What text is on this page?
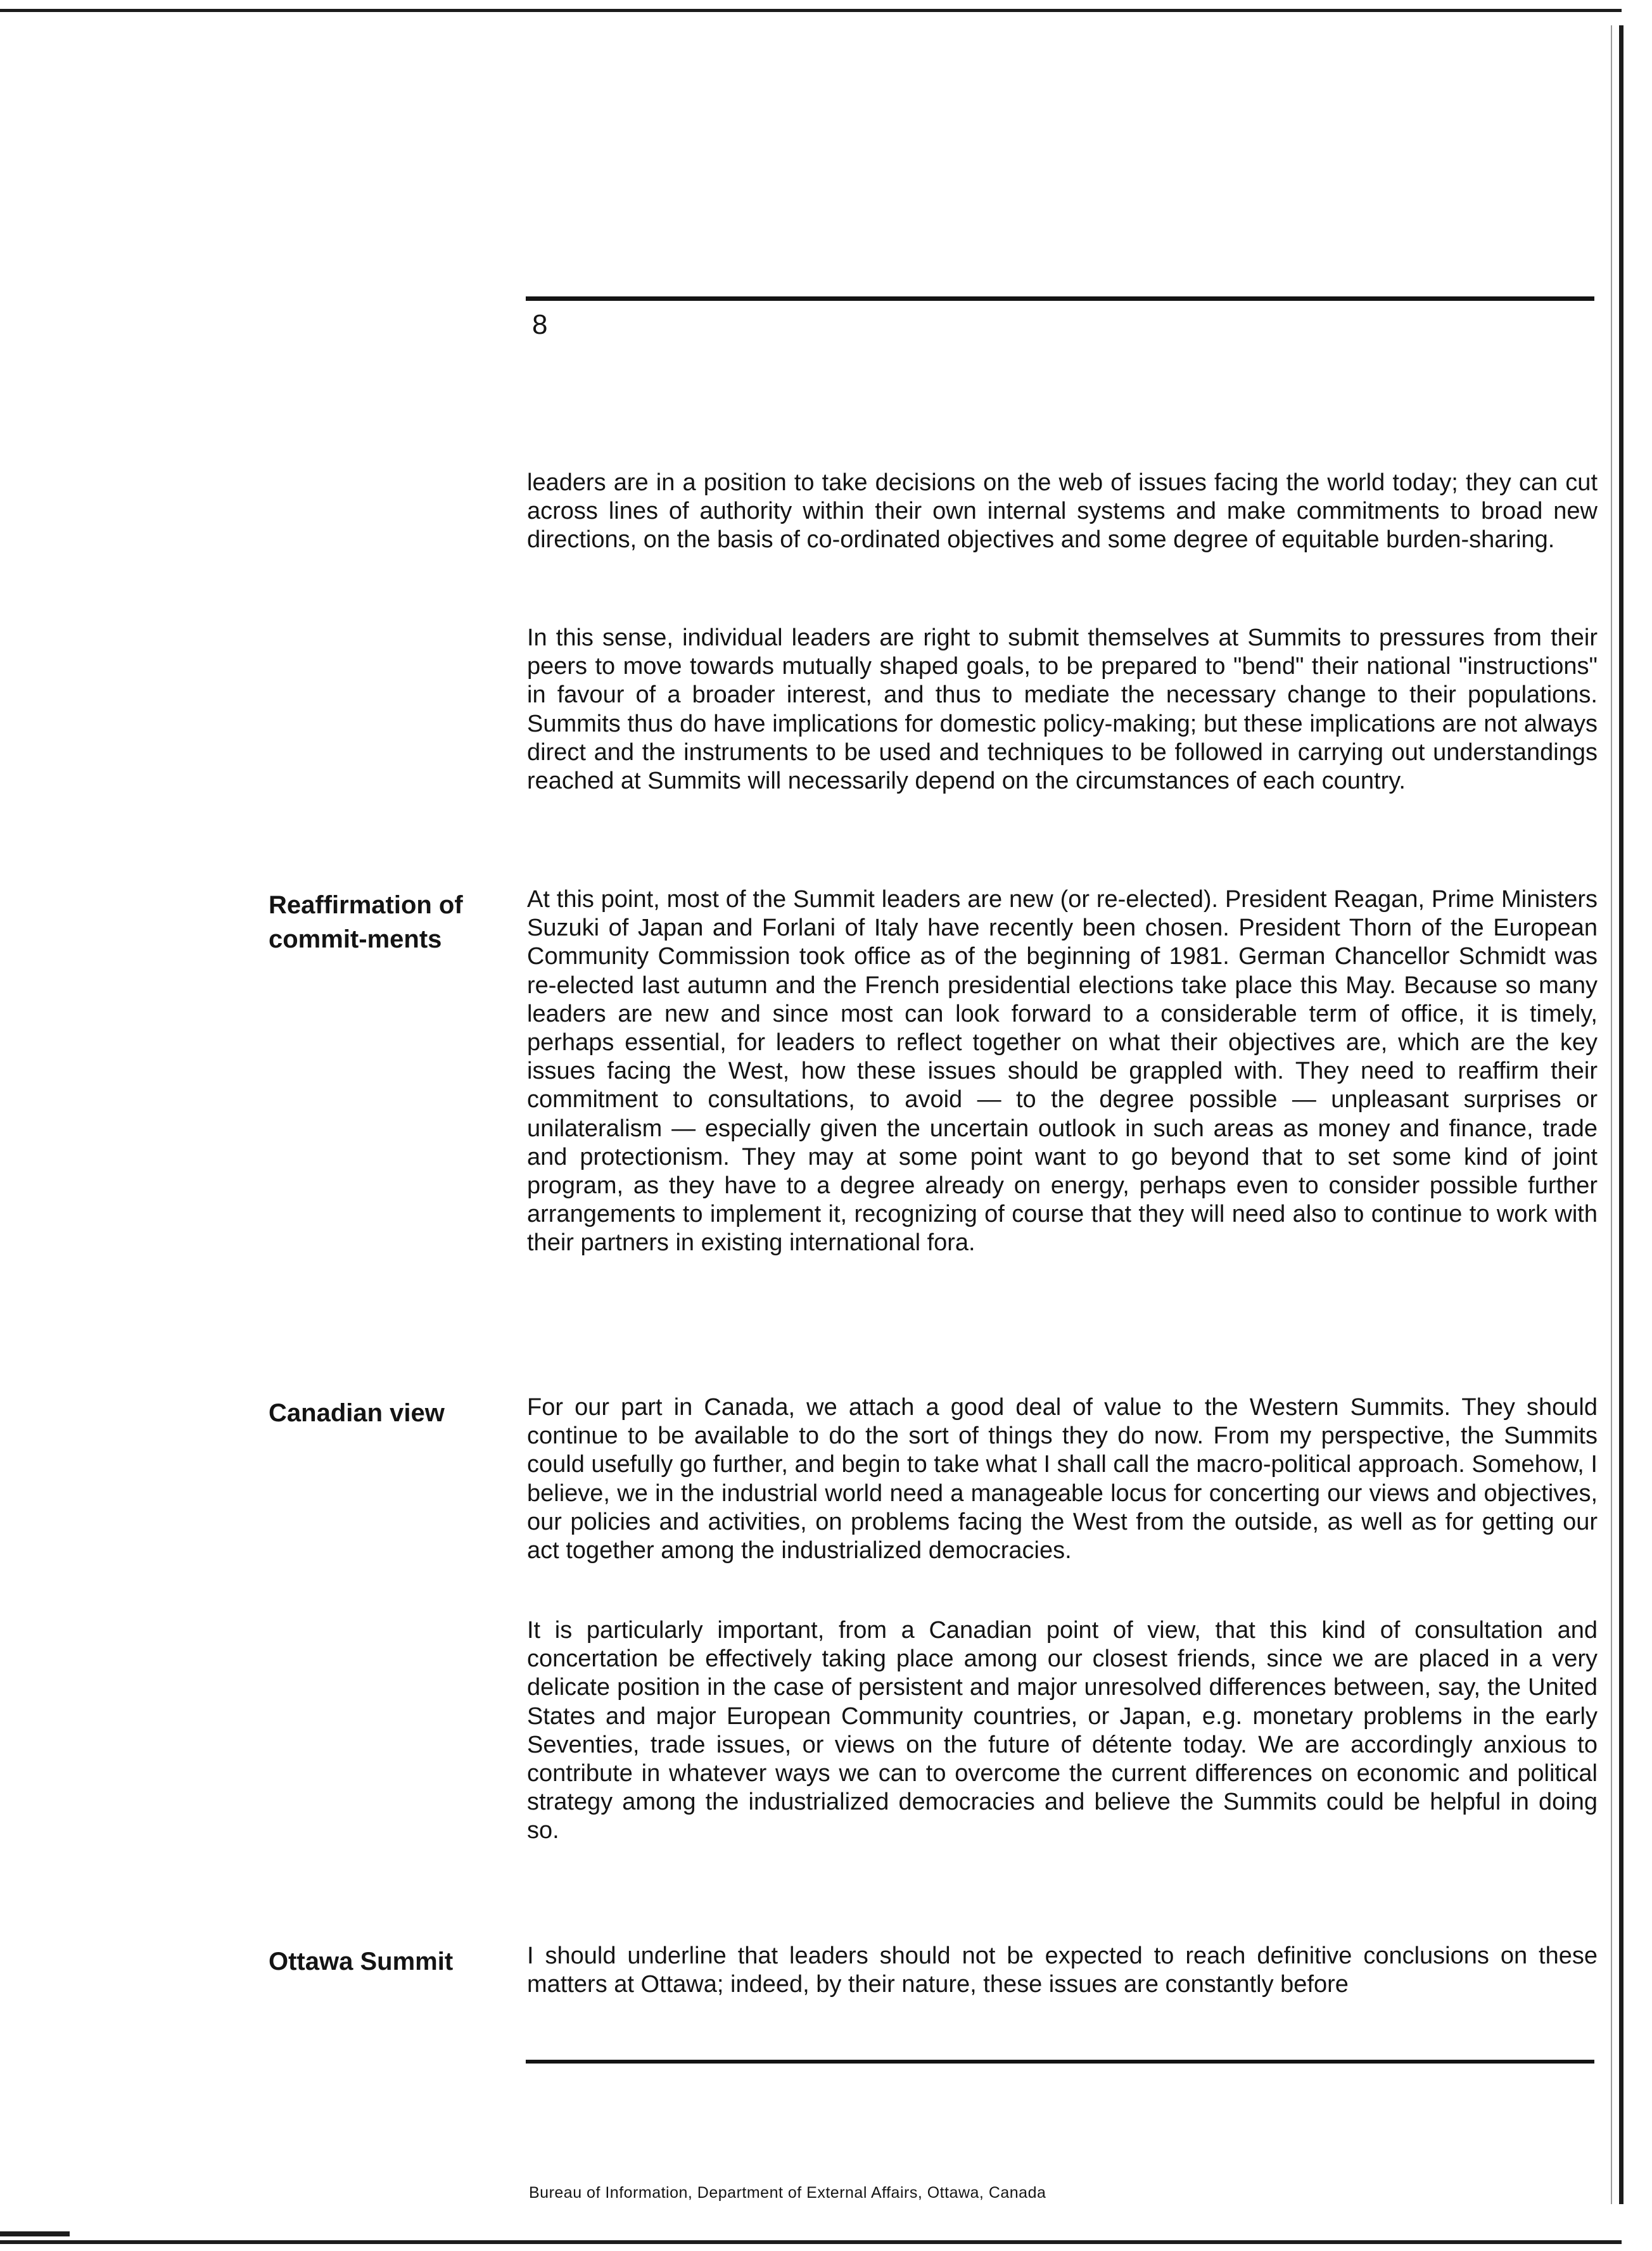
8
leaders are in a position to take decisions on the web of issues facing the world today; they can cut across lines of authority within their own internal systems and make commitments to broad new directions, on the basis of co-ordinated objectives and some degree of equitable burden-sharing.
In this sense, individual leaders are right to submit themselves at Summits to pressures from their peers to move towards mutually shaped goals, to be prepared to "bend" their national "instructions" in favour of a broader interest, and thus to mediate the necessary change to their populations. Summits thus do have implications for domestic policy-making; but these implications are not always direct and the instruments to be used and techniques to be followed in carrying out understandings reached at Summits will necessarily depend on the circumstances of each country.
Reaffirmation of commit-ments
At this point, most of the Summit leaders are new (or re-elected). President Reagan, Prime Ministers Suzuki of Japan and Forlani of Italy have recently been chosen. President Thorn of the European Community Commission took office as of the beginning of 1981. German Chancellor Schmidt was re-elected last autumn and the French presidential elections take place this May. Because so many leaders are new and since most can look forward to a considerable term of office, it is timely, perhaps essential, for leaders to reflect together on what their objectives are, which are the key issues facing the West, how these issues should be grappled with. They need to reaffirm their commitment to consultations, to avoid — to the degree possible — unpleasant surprises or unilateralism — especially given the uncertain outlook in such areas as money and finance, trade and protectionism. They may at some point want to go beyond that to set some kind of joint program, as they have to a degree already on energy, perhaps even to consider possible further arrangements to implement it, recognizing of course that they will need also to continue to work with their partners in existing international fora.
Canadian view	For our part in Canada, we attach a good deal of value to the Western Summits. They should continue to be available to do the sort of things they do now. From my perspective, the Summits could usefully go further, and begin to take what I shall call the macro-political approach. Somehow, I believe, we in the industrial world need a manageable locus for concerting our views and objectives, our policies and activities, on problems facing the West from the outside, as well as for getting our act together among the industrialized democracies.
It is particularly important, from a Canadian point of view, that this kind of consultation and concertation be effectively taking place among our closest friends, since we are placed in a very delicate position in the case of persistent and major unresolved differences between, say, the United States and major European Community countries, or Japan, e.g. monetary problems in the early Seventies, trade issues, or views on the future of détente today. We are accordingly anxious to contribute in whatever ways we can to overcome the current differences on economic and political strategy among the industrialized democracies and believe the Summits could be helpful in doing so.
Ottawa Summit	I should underline that leaders should not be expected to reach definitive conclusions on these matters at Ottawa; indeed, by their nature, these issues are constantly before
Bureau of Information, Department of External Affairs, Ottawa, Canada
